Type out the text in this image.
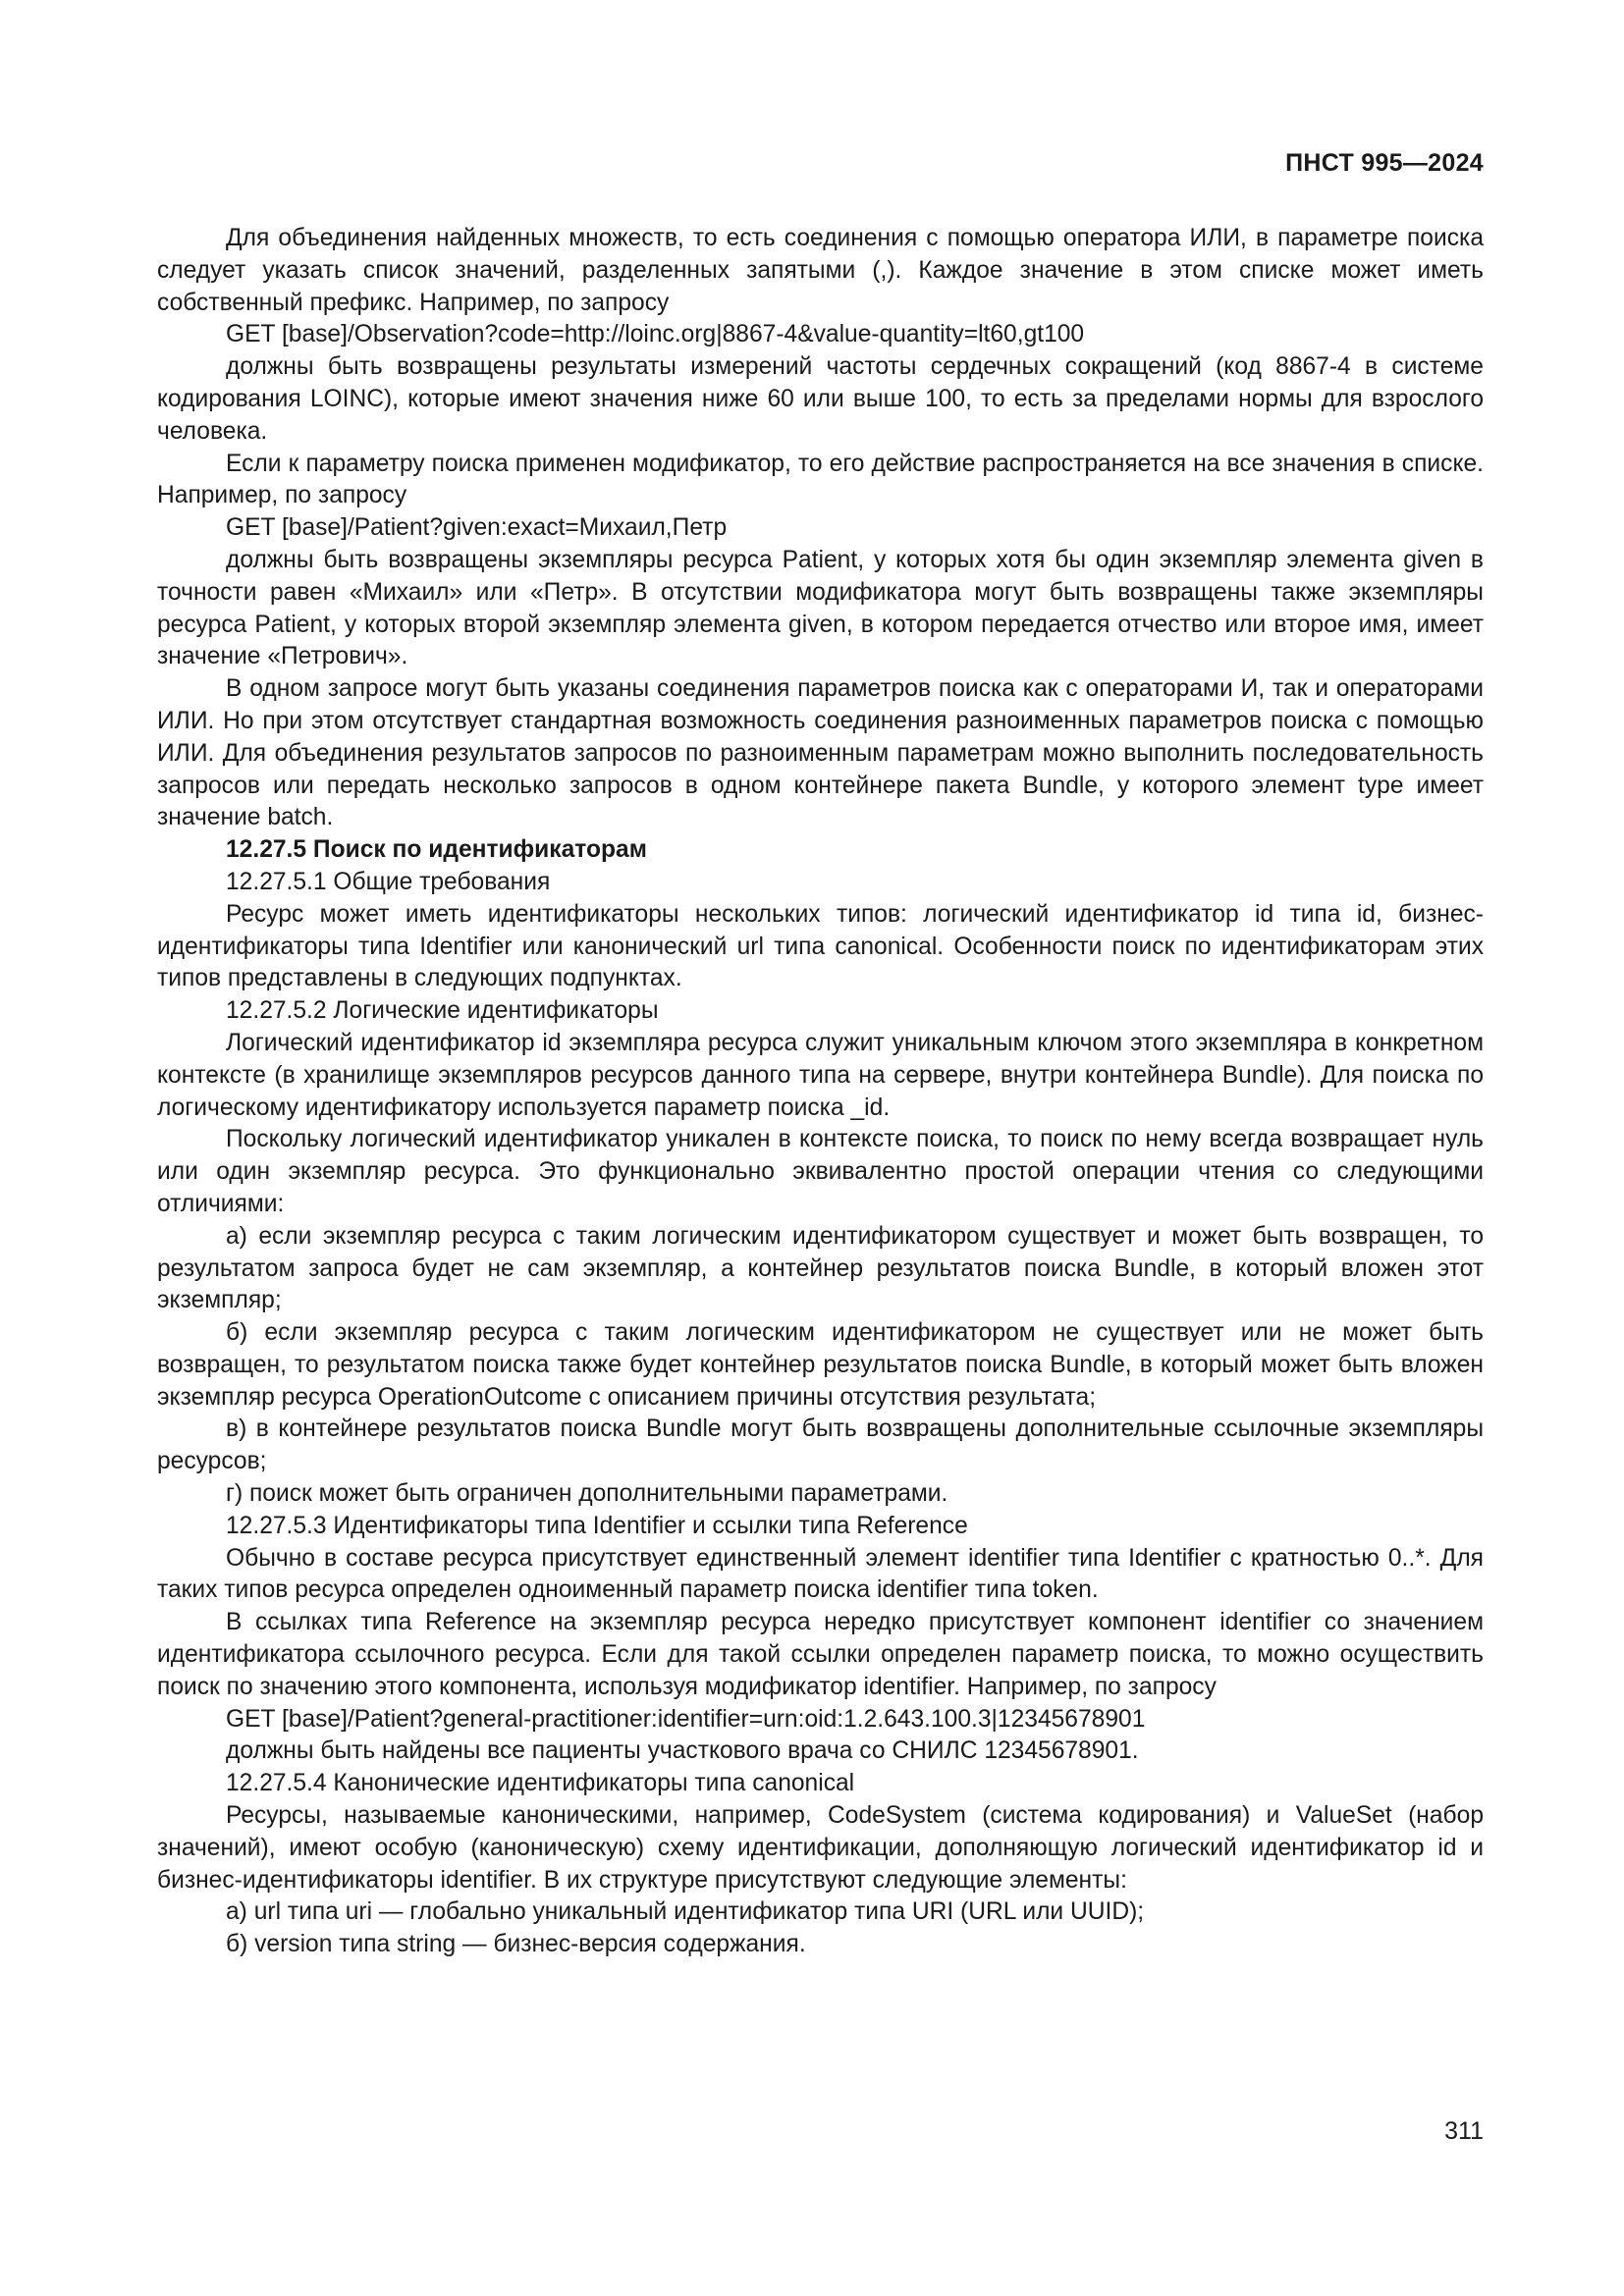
ПНСТ 995—2024

Для объединения найденных множеств, то есть соединения с помощью оператора ИЛИ, в параметре поиска следует указать список значений, разделенных запятыми (,). Каждое значение в этом списке может иметь собственный префикс. Например, по запросу

GET [base]/Observation?code=http://loinc.org|8867-4&value-quantity=lt60,gt100

должны быть возвращены результаты измерений частоты сердечных сокращений (код 8867-4 в системе кодирования LOINC), которые имеют значения ниже 60 или выше 100, то есть за пределами нормы для взрослого человека.

Если к параметру поиска применен модификатор, то его действие распространяется на все значения в списке. Например, по запросу

GET [base]/Patient?given:exact=Михаил,Петр

должны быть возвращены экземпляры ресурса Patient, у которых хотя бы один экземпляр элемента given в точности равен «Михаил» или «Петр». В отсутствии модификатора могут быть возвращены также экземпляры ресурса Patient, у которых второй экземпляр элемента given, в котором передается отчество или второе имя, имеет значение «Петрович».

В одном запросе могут быть указаны соединения параметров поиска как с операторами И, так и операторами ИЛИ. Но при этом отсутствует стандартная возможность соединения разноименных параметров поиска с помощью ИЛИ. Для объединения результатов запросов по разноименным параметрам можно выполнить последовательность запросов или передать несколько запросов в одном контейнере пакета Bundle, у которого элемент type имеет значение batch.

12.27.5 Поиск по идентификаторам

12.27.5.1 Общие требования

Ресурс может иметь идентификаторы нескольких типов: логический идентификатор id типа id, бизнес-идентификаторы типа Identifier или канонический url типа canonical. Особенности поиск по идентификаторам этих типов представлены в следующих подпунктах.

12.27.5.2 Логические идентификаторы

Логический идентификатор id экземпляра ресурса служит уникальным ключом этого экземпляра в конкретном контексте (в хранилище экземпляров ресурсов данного типа на сервере, внутри контейнера Bundle). Для поиска по логическому идентификатору используется параметр поиска _id.

Поскольку логический идентификатор уникален в контексте поиска, то поиск по нему всегда возвращает нуль или один экземпляр ресурса. Это функционально эквивалентно простой операции чтения со следующими отличиями:

а) если экземпляр ресурса с таким логическим идентификатором существует и может быть возвращен, то результатом запроса будет не сам экземпляр, а контейнер результатов поиска Bundle, в который вложен этот экземпляр;

б) если экземпляр ресурса с таким логическим идентификатором не существует или не может быть возвращен, то результатом поиска также будет контейнер результатов поиска Bundle, в который может быть вложен экземпляр ресурса OperationOutcome с описанием причины отсутствия результата;

в) в контейнере результатов поиска Bundle могут быть возвращены дополнительные ссылочные экземпляры ресурсов;

г) поиск может быть ограничен дополнительными параметрами.

12.27.5.3 Идентификаторы типа Identifier и ссылки типа Reference

Обычно в составе ресурса присутствует единственный элемент identifier типа Identifier с кратностью 0..*. Для таких типов ресурса определен одноименный параметр поиска identifier типа token.

В ссылках типа Reference на экземпляр ресурса нередко присутствует компонент identifier со значением идентификатора ссылочного ресурса. Если для такой ссылки определен параметр поиска, то можно осуществить поиск по значению этого компонента, используя модификатор identifier. Например, по запросу

GET [base]/Patient?general-practitioner:identifier=urn:oid:1.2.643.100.3|12345678901

должны быть найдены все пациенты участкового врача со СНИЛС 12345678901.

12.27.5.4 Канонические идентификаторы типа canonical

Ресурсы, называемые каноническими, например, CodeSystem (система кодирования) и ValueSet (набор значений), имеют особую (каноническую) схему идентификации, дополняющую логический идентификатор id и бизнес-идентификаторы identifier. В их структуре присутствуют следующие элементы:

а) url типа uri — глобально уникальный идентификатор типа URI (URL или UUID);

б) version типа string — бизнес-версия содержания.

311
